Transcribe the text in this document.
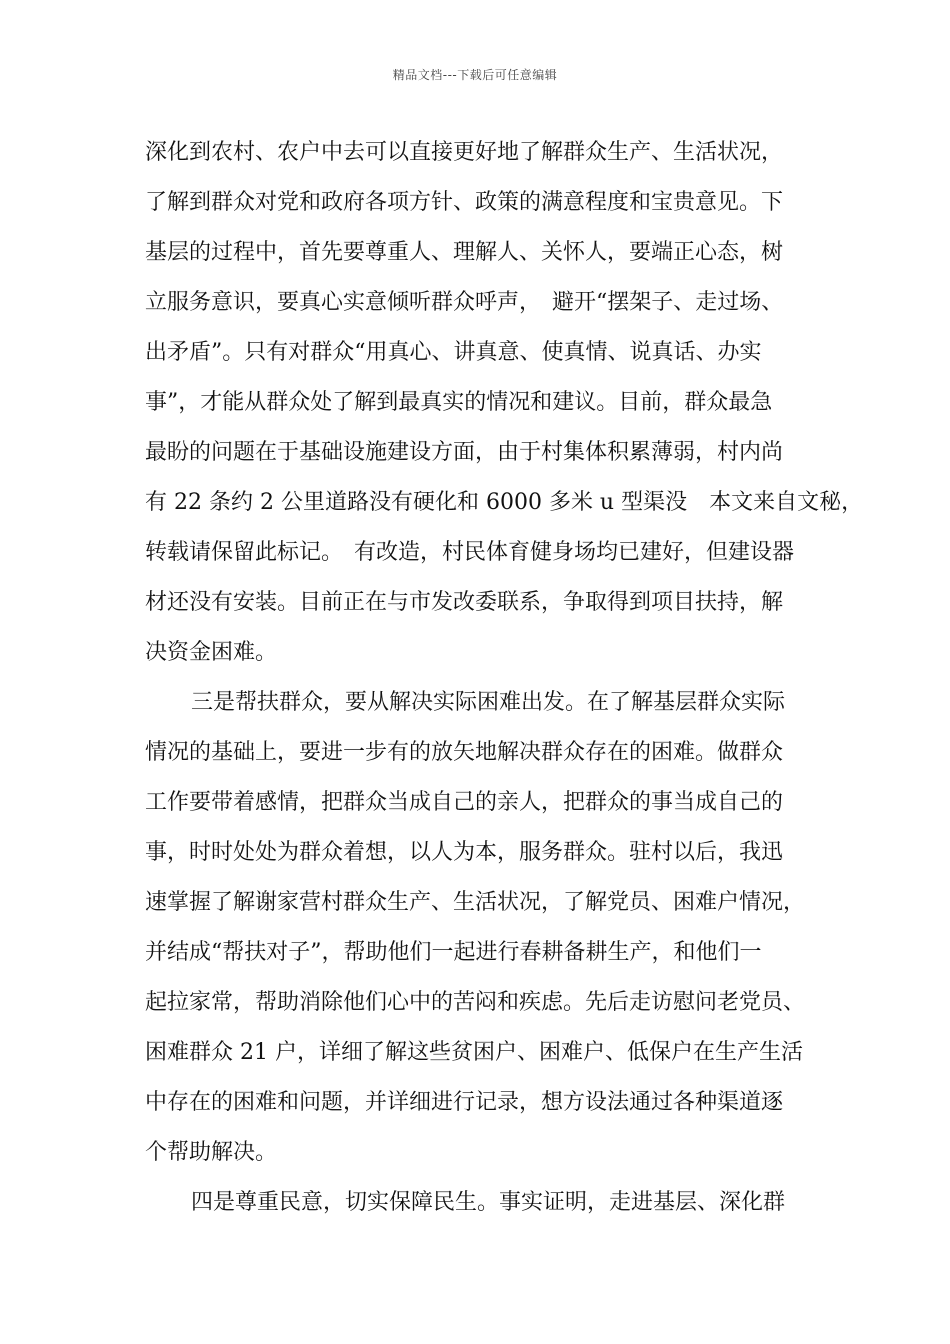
精品文档---下载后可任意编辑
深化到农村、农户中去可以直接更好地了解群众生产、生活状况，
了解到群众对党和政府各项方针、政策的满意程度和宝贵意见。下
基层的过程中，首先要尊重人、理解人、关怀人，要端正心态，树
立服务意识，要真心实意倾听群众呼声，　避开“摆架子、走过场、
出矛盾”。只有对群众“用真心、讲真意、使真情、说真话、办实
事”，才能从群众处了解到最真实的情况和建议。目前，群众最急
最盼的问题在于基础设施建设方面，由于村集体积累薄弱，村内尚
有 22 条约 2 公里道路没有硬化和 6000 多米 u 型渠没　本文来自文秘，
转载请保留此标记。　有改造，村民体育健身场均已建好，但建设器
材还没有安装。目前正在与市发改委联系，争取得到项目扶持，解
决资金困难。
三是帮扶群众，要从解决实际困难出发。在了解基层群众实际
情况的基础上，要进一步有的放矢地解决群众存在的困难。做群众
工作要带着感情，把群众当成自己的亲人，把群众的事当成自己的
事，时时处处为群众着想，以人为本，服务群众。驻村以后，我迅
速掌握了解谢家营村群众生产、生活状况，了解党员、困难户情况，
并结成“帮扶对子”，帮助他们一起进行春耕备耕生产，和他们一
起拉家常，帮助消除他们心中的苦闷和疾虑。先后走访慰问老党员、
困难群众 21 户，详细了解这些贫困户、困难户、低保户在生产生活
中存在的困难和问题，并详细进行记录，想方设法通过各种渠道逐
个帮助解决。
四是尊重民意，切实保障民生。事实证明，走进基层、深化群
